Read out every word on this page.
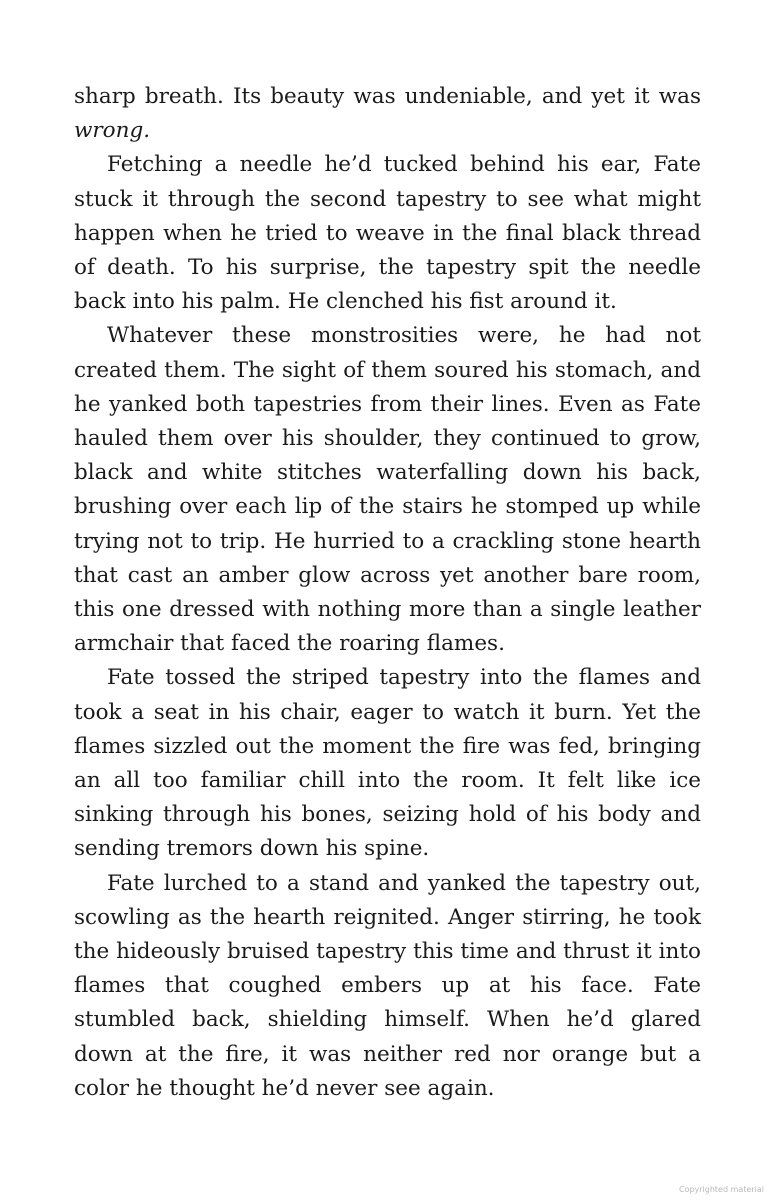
sharp breath. Its beauty was undeniable, and yet it was wrong.

Fetching a needle he’d tucked behind his ear, Fate stuck it through the second tapestry to see what might happen when he tried to weave in the final black thread of death. To his surprise, the tapestry spit the needle back into his palm. He clenched his fist around it.

Whatever these monstrosities were, he had not created them. The sight of them soured his stomach, and he yanked both tapestries from their lines. Even as Fate hauled them over his shoulder, they continued to grow, black and white stitches waterfalling down his back, brushing over each lip of the stairs he stomped up while trying not to trip. He hurried to a crackling stone hearth that cast an amber glow across yet another bare room, this one dressed with nothing more than a single leather armchair that faced the roaring flames.

Fate tossed the striped tapestry into the flames and took a seat in his chair, eager to watch it burn. Yet the flames sizzled out the moment the fire was fed, bringing an all too familiar chill into the room. It felt like ice sinking through his bones, seizing hold of his body and sending tremors down his spine.

Fate lurched to a stand and yanked the tapestry out, scowling as the hearth reignited. Anger stirring, he took the hideously bruised tapestry this time and thrust it into flames that coughed embers up at his face. Fate stumbled back, shielding himself. When he’d glared down at the fire, it was neither red nor orange but a color he thought he’d never see again.

Copyrighted material
